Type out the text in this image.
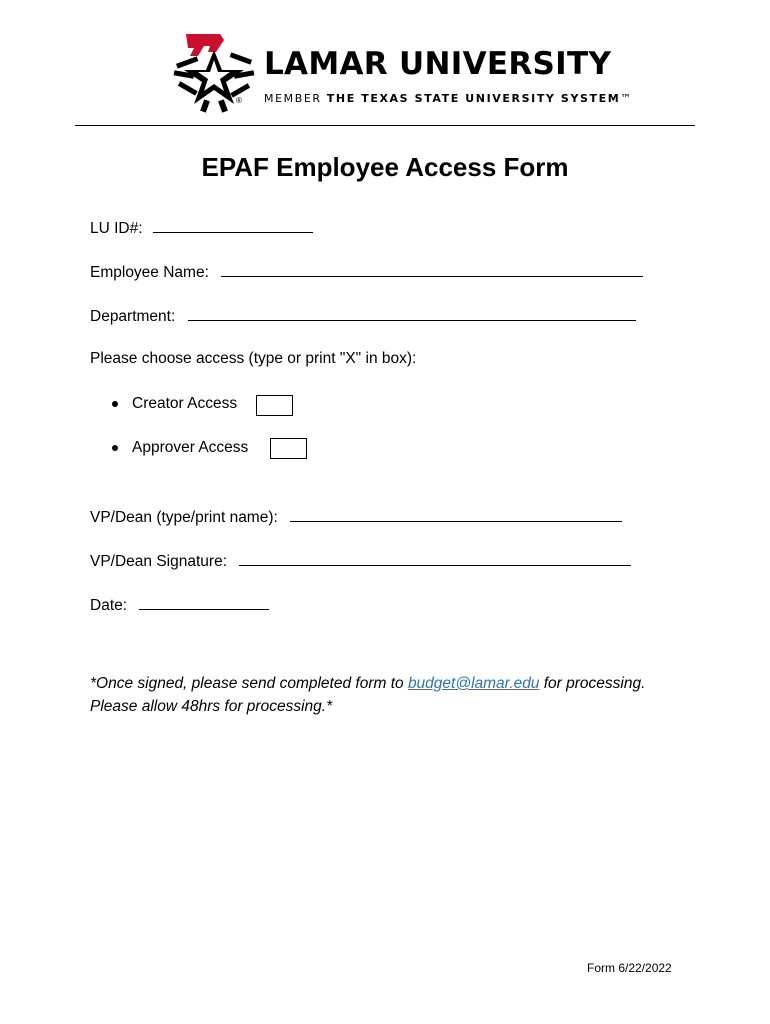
®
LAMAR UNIVERSITY
MEMBER THE TEXAS STATE UNIVERSITY SYSTEM™
EPAF Employee Access Form
LU ID#:
Employee Name:
Department:
Please choose access (type or print "X" in box):
Creator Access
Approver Access
VP/Dean (type/print name):
VP/Dean Signature:
Date:
*Once signed, please send completed form to budget@lamar.edu for processing.
Please allow 48hrs for processing.*
Form 6/22/2022
